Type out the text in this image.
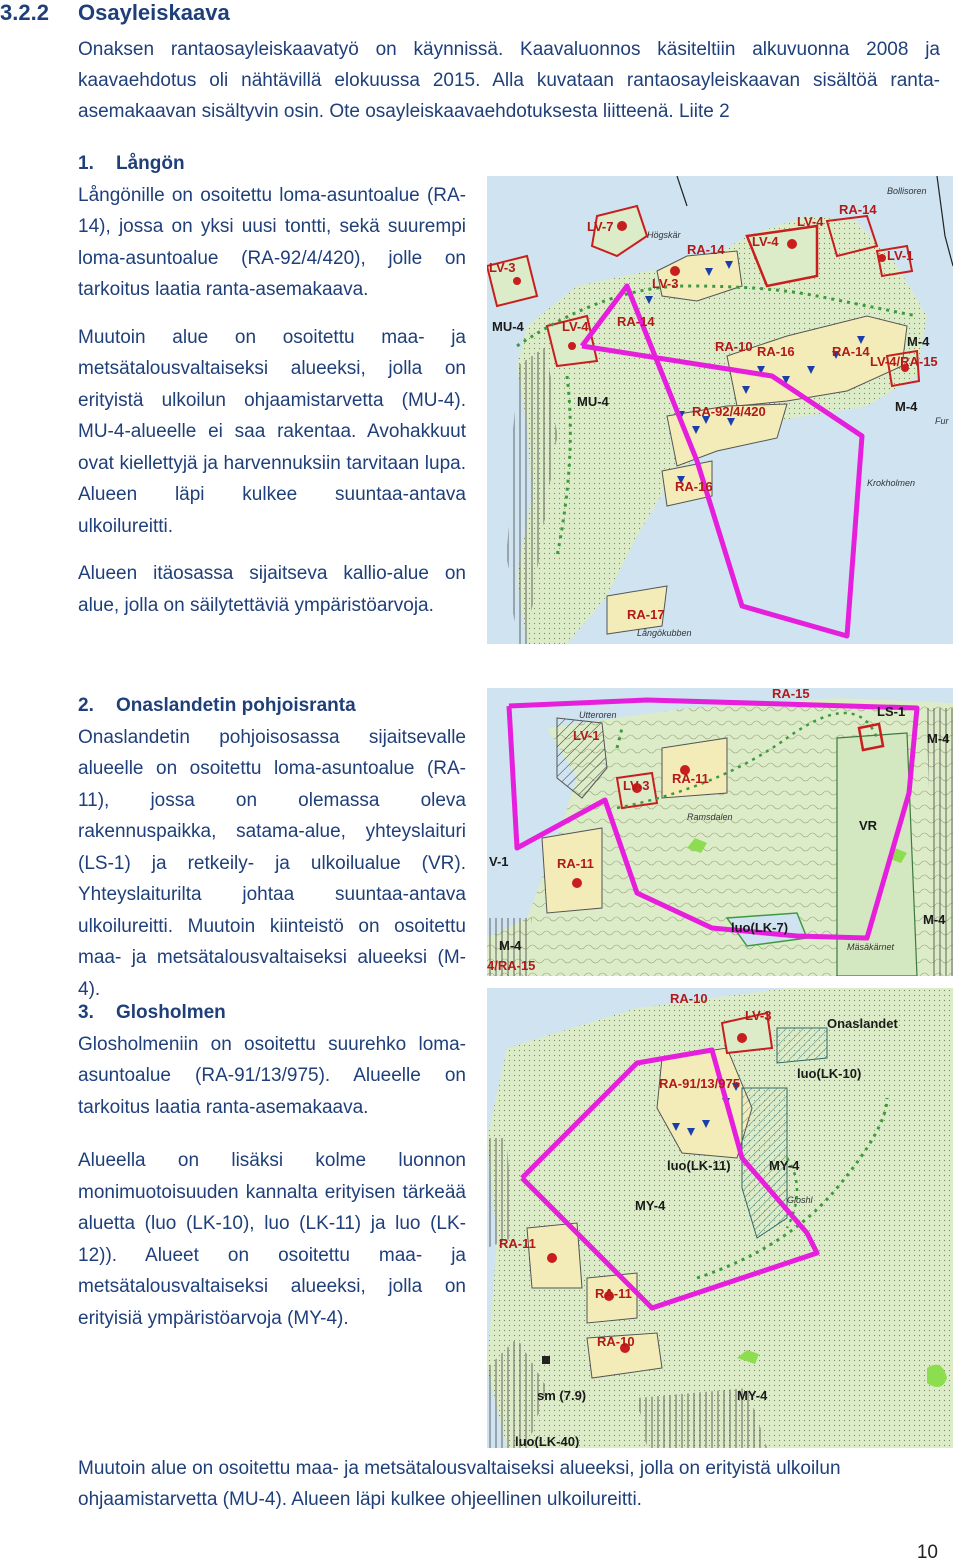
3.2.2 Osayleiskaava
Onaksen rantaosayleiskaavatyö on käynnissä. Kaavaluonnos käsiteltiin alkuvuonna 2008 ja kaavaehdotus oli nähtävillä elokuussa 2015. Alla kuvataan rantaosayleiskaavan sisältöä ranta-asemakaavan sisältyvin osin. Ote osayleiskaavaehdotuksesta liitteenä. Liite 2

1. Långön

Långönille on osoitettu loma-asuntoalue (RA-14), jossa on yksi uusi tontti, sekä suurempi loma-asuntoalue (RA-92/4/420), jolle on tarkoitus laatia ranta-asemakaava.

Muutoin alue on osoitettu maa- ja metsätalousvaltaiseksi alueeksi, jolla on erityistä ulkoilun ohjaamistarvetta (MU-4). MU-4-alueelle ei saa rakentaa. Avohakkuut ovat kiellettyjä ja harvennuksiin tarvitaan lupa. Alueen läpi kulkee suuntaa-antava ulkoilureitti.

Alueen itäosassa sijaitseva kallio-alue on alue, jolla on säilytettäviä ympäristöarvoja.

2. Onaslandetin pohjoisranta

Onaslandetin pohjoisosassa sijaitsevalle alueelle on osoitettu loma-asuntoalue (RA-11), jossa on olemassa oleva rakennuspaikka, satama-alue, yhteyslaituri (LS-1) ja retkeily- ja ulkoilualue (VR). Yhteyslaiturilta johtaa suuntaa-antava ulkoilureitti. Muutoin kiinteistö on osoitettu maa- ja metsätalousvaltaiseksi alueeksi (M-4).

3. Glosholmen

Glosholmeniin on osoitettu suurehko loma-asuntoalue (RA-91/13/975). Alueelle on tarkoitus laatia ranta-asemakaava.

Alueella on lisäksi kolme luonnon monimuotoisuuden kannalta erityisen tärkeää aluetta (luo (LK-10), luo (LK-11) ja luo (LK-12)). Alueet on osoitettu maa- ja metsätalousvaltaiseksi alueeksi, jolla on erityisiä ympäristöarvoja (MY-4).

Muutoin alue on osoitettu maa- ja metsätalousvaltaiseksi alueeksi, jolla on erityistä ulkoilun ohjaamistarvetta (MU-4). Alueen läpi kulkee ohjeellinen ulkoilureitti.
10
RA-14
LV-7	LV-4
RA-14
LV-4
LV-3
LV-1
LV-3
MU-4	LV-4 RA-14
RA-10 RA-16	RA-14
M-4
LV-4/RA-15
M-4
MU-4
RA-92/4/420
RA-16
RA-17
Bollisoren
Högskär
Krokholmen
Fur
Långökubben
RA-15
LS-1
M-4
LV-1
LV-3 RA-11
VR
RA-11
V-1
luo(LK-7)
M-4
M-4
4/RA-15
Utteroren
Ramsdalen
Mäsäkärnet
RA-10
LV-3
Onaslandet
luo(LK-10)
RA-91/13/975
luo(LK-11)	MY-4
MY-4
RA-11
RA-11
RA-10
MY-4
sm (7.9)
luo(LK-40)
Gloshl
